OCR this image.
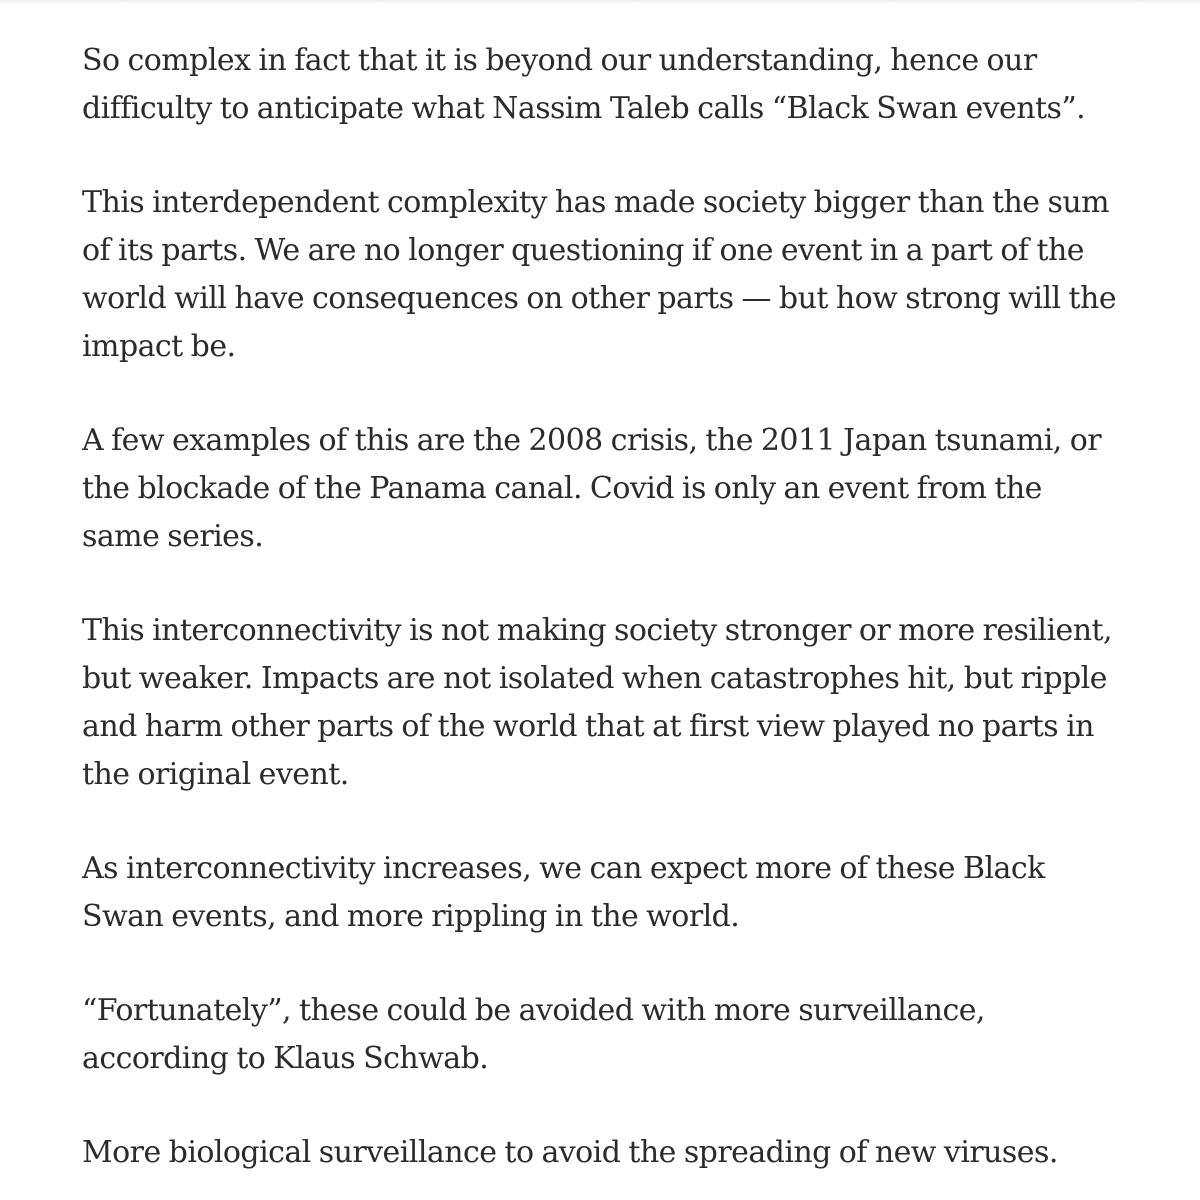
So complex in fact that it is beyond our understanding, hence our
difficulty to anticipate what Nassim Taleb calls “Black Swan events”.

This interdependent complexity has made society bigger than the sum
of its parts. We are no longer questioning if one event in a part of the
world will have consequences on other parts — but how strong will the
impact be.

A few examples of this are the 2008 crisis, the 2011 Japan tsunami, or
the blockade of the Panama canal. Covid is only an event from the
same series.

This interconnectivity is not making society stronger or more resilient,
but weaker. Impacts are not isolated when catastrophes hit, but ripple
and harm other parts of the world that at first view played no parts in
the original event.

As interconnectivity increases, we can expect more of these Black
Swan events, and more rippling in the world.

“Fortunately”, these could be avoided with more surveillance,
according to Klaus Schwab.

More biological surveillance to avoid the spreading of new viruses.
